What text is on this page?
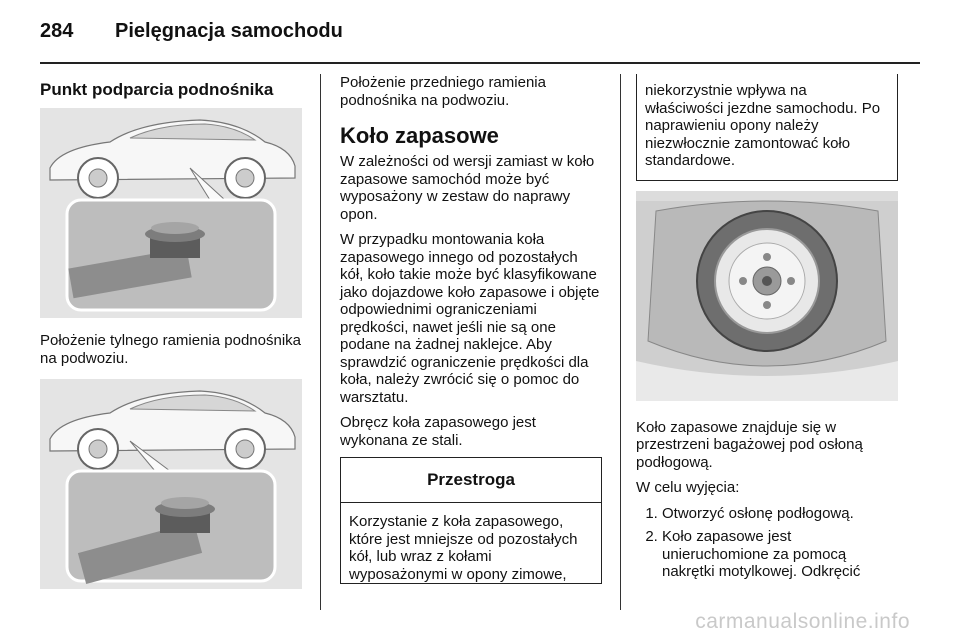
284 Pielęgnacja samochodu
Punkt podparcia podnośnika

Położenie tylnego ramienia podnośnika na podwoziu.

Położenie przedniego ramienia podnośnika na podwoziu.

Koło zapasowe

W zależności od wersji zamiast w koło zapasowe samochód może być wyposażony w zestaw do naprawy opon.

W przypadku montowania koła zapasowego innego od pozostałych kół, koło takie może być klasyfikowane jako dojazdowe koło zapasowe i objęte odpowiednimi ograniczeniami prędkości, nawet jeśli nie są one podane na żadnej naklejce. Aby sprawdzić ograniczenie prędkości dla koła, należy zwrócić się o pomoc do warsztatu.

Obręcz koła zapasowego jest wykonana ze stali.

Przestroga
Korzystanie z koła zapasowego, które jest mniejsze od pozostałych kół, lub wraz z kołami wyposażonymi w opony zimowe,
niekorzystnie wpływa na właściwości jezdne samochodu. Po naprawieniu opony należy niezwłocznie zamontować koło standardowe.

Koło zapasowe znajduje się w przestrzeni bagażowej pod osłoną podłogową.

W celu wyjęcia:

1. Otworzyć osłonę podłogową.
2. Koło zapasowe jest unieruchomione za pomocą nakrętki motylkowej. Odkręcić
carmanualsonline.info
